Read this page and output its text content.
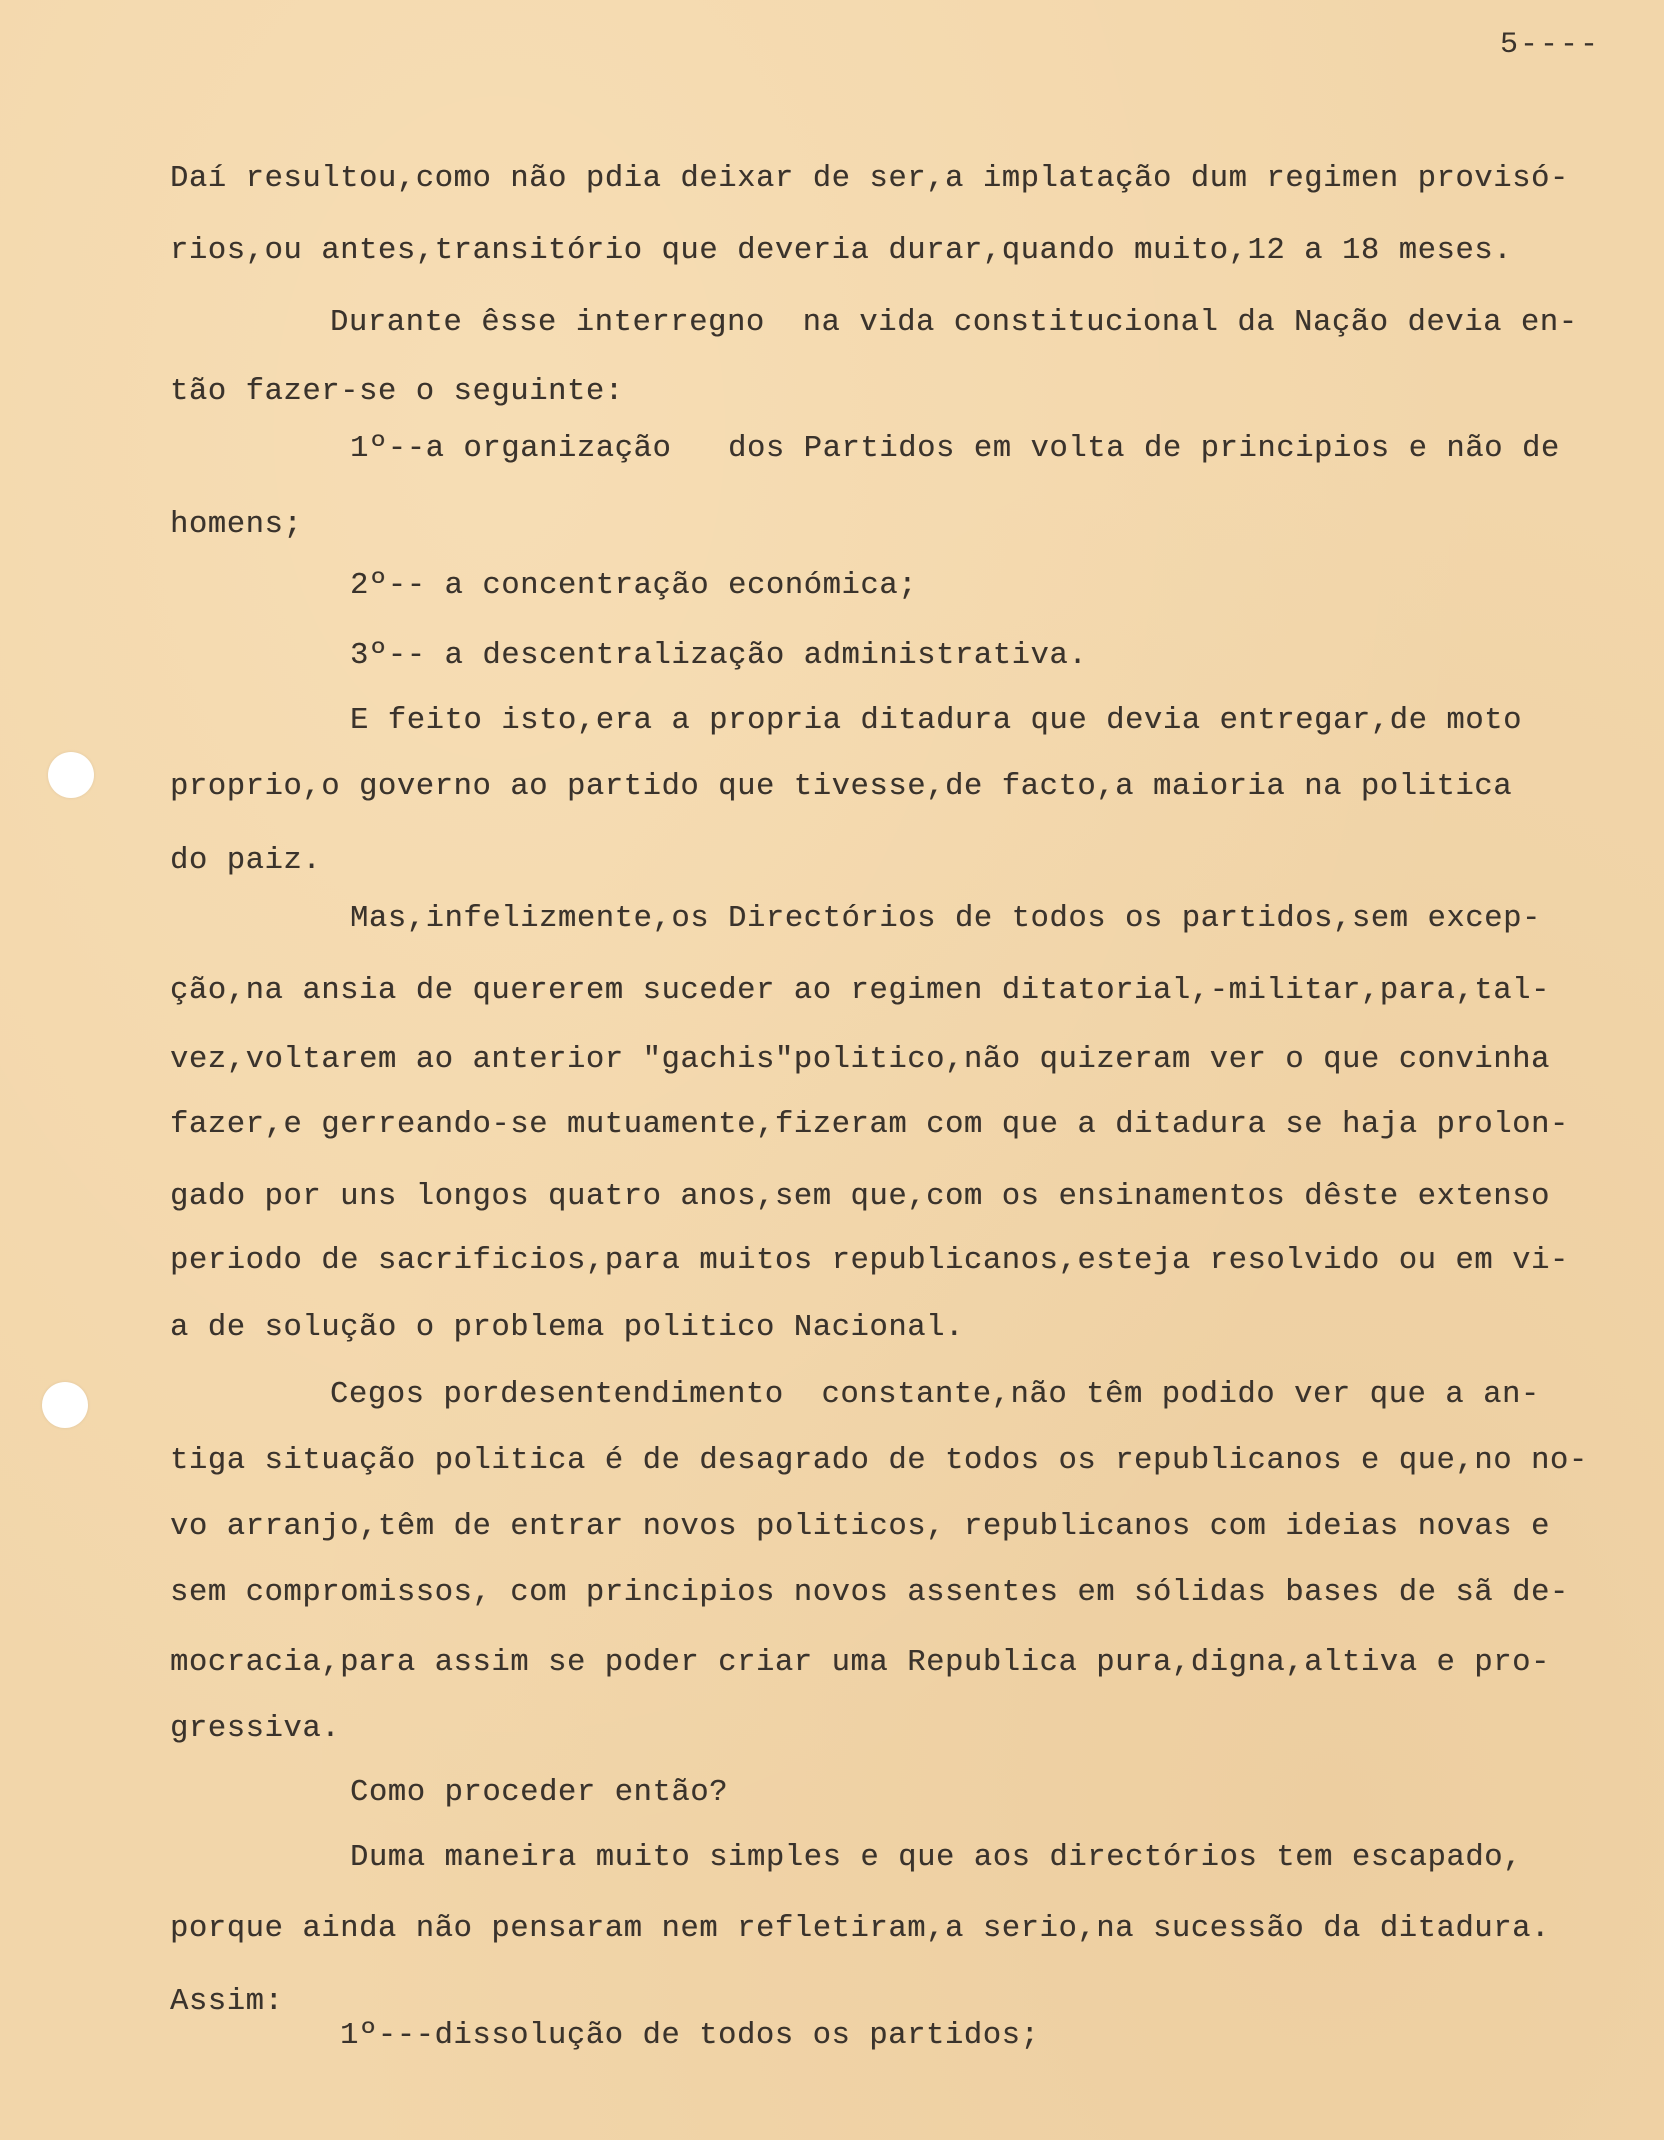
5----
Daí resultou,como não pdia deixar de ser,a implatação dum regimen provisó-
rios,ou antes,transitório que deveria durar,quando muito,12 a 18 meses.
Durante êsse interregno  na vida constitucional da Nação devia en-
tão fazer-se o seguinte:
1º--a organização   dos Partidos em volta de principios e não de
homens;
2º-- a concentração económica;
3º-- a descentralização administrativa.
E feito isto,era a propria ditadura que devia entregar,de moto
proprio,o governo ao partido que tivesse,de facto,a maioria na politica
do paiz.
Mas,infelizmente,os Directórios de todos os partidos,sem excep-
ção,na ansia de quererem suceder ao regimen ditatorial,-militar,para,tal-
vez,voltarem ao anterior "gachis"politico,não quizeram ver o que convinha
fazer,e gerreando-se mutuamente,fizeram com que a ditadura se haja prolon-
gado por uns longos quatro anos,sem que,com os ensinamentos dêste extenso
periodo de sacrificios,para muitos republicanos,esteja resolvido ou em vi-
a de solução o problema politico Nacional.
Cegos pordesentendimento  constante,não têm podido ver que a an-
tiga situação politica é de desagrado de todos os republicanos e que,no no-
vo arranjo,têm de entrar novos politicos, republicanos com ideias novas e
sem compromissos, com principios novos assentes em sólidas bases de sã de-
mocracia,para assim se poder criar uma Republica pura,digna,altiva e pro-
gressiva.
Como proceder então?
Duma maneira muito simples e que aos directórios tem escapado,
porque ainda não pensaram nem refletiram,a serio,na sucessão da ditadura.
Assim:
1º---dissolução de todos os partidos;
